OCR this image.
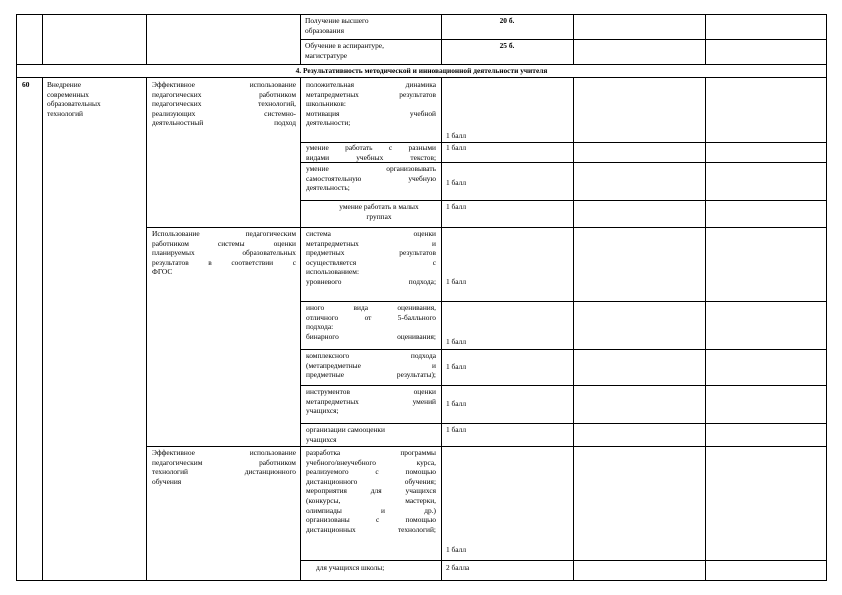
Получение высшего
образования
20 б.
Обучение в аспирантуре,
магистратуре
25 б.
4. Результативность методической и инновационной деятельности учителя
60	Внедрение
современных
образовательных
технологий
Эффективное использование
педагогических работником
педагогических технологий,
реализующих системно-
деятельностный подход
положительная динамика
метапредметных результатов
школьников:
мотивация учебной
деятельности;
1 балл
умение работать с разными
видами учебных текстов;
1 балл
умение организовывать
самостоятельную учебную
деятельность;
1 балл
умение работать в малых
группах
1 балл
Использование педагогическим
работником системы оценки
планируемых образовательных
результатов в соответствии с
ФГОС
система оценки
метапредметных и
предметных результатов
осуществляется с
использованием:
уровневого подхода; 1 балл
иного вида оценивания,
отличного от 5-балльного
подхода:
бинарного оценивания;
1 балл
комплексного подхода
(метапредметные и
предметные результаты);
1 балл
инструментов оценки
метапредметных умений
учащихся;
1 балл
организации самооценки
учащихся
1 балл
Эффективное использование
педагогическим работником
технологий дистанционного
обучения
разработка программы
учебного/внеучебного курса,
реализуемого с помощью
дистанционного обучения;
мероприятия для учащихся
(конкурсы, мастерки,
олимпиады и др.)
организованы с помощью
дистанционных технологий;
1 балл
для учащихся школы;	2 балла
